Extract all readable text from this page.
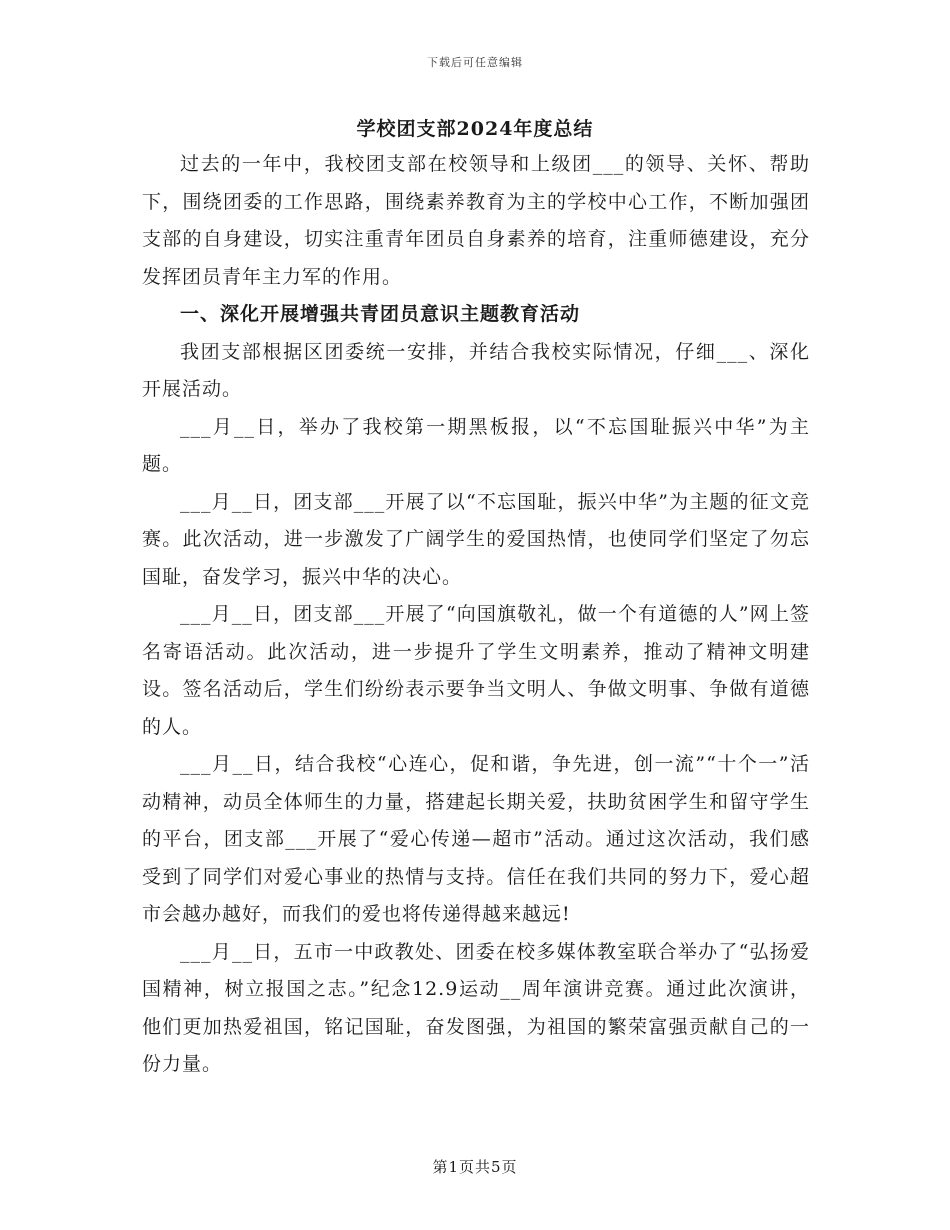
下载后可任意编辑
学校团支部2024年度总结

过去的一年中，我校团支部在校领导和上级团___的领导、关怀、帮助下，围绕团委的工作思路，围绕素养教育为主的学校中心工作，不断加强团支部的自身建设，切实注重青年团员自身素养的培育，注重师德建设，充分发挥团员青年主力军的作用。

一、深化开展增强共青团员意识主题教育活动

我团支部根据区团委统一安排，并结合我校实际情况，仔细___、深化开展活动。

___月__日，举办了我校第一期黑板报，以“不忘国耻振兴中华”为主题。

___月__日，团支部___开展了以“不忘国耻，振兴中华”为主题的征文竞赛。此次活动，进一步激发了广阔学生的爱国热情，也使同学们坚定了勿忘国耻，奋发学习，振兴中华的决心。

___月__日，团支部___开展了“向国旗敬礼，做一个有道德的人”网上签名寄语活动。此次活动，进一步提升了学生文明素养，推动了精神文明建设。签名活动后，学生们纷纷表示要争当文明人、争做文明事、争做有道德的人。

___月__日，结合我校“心连心，促和谐，争先进，创一流”“十个一”活动精神，动员全体师生的力量，搭建起长期关爱，扶助贫困学生和留守学生的平台，团支部___开展了“爱心传递—超市”活动。通过这次活动，我们感受到了同学们对爱心事业的热情与支持。信任在我们共同的努力下，爱心超市会越办越好，而我们的爱也将传递得越来越远!

___月__日，五市一中政教处、团委在校多媒体教室联合举办了“弘扬爱国精神，树立报国之志。”纪念12.9运动__周年演讲竞赛。通过此次演讲，他们更加热爱祖国，铭记国耻，奋发图强，为祖国的繁荣富强贡献自己的一份力量。

第1页共5页
